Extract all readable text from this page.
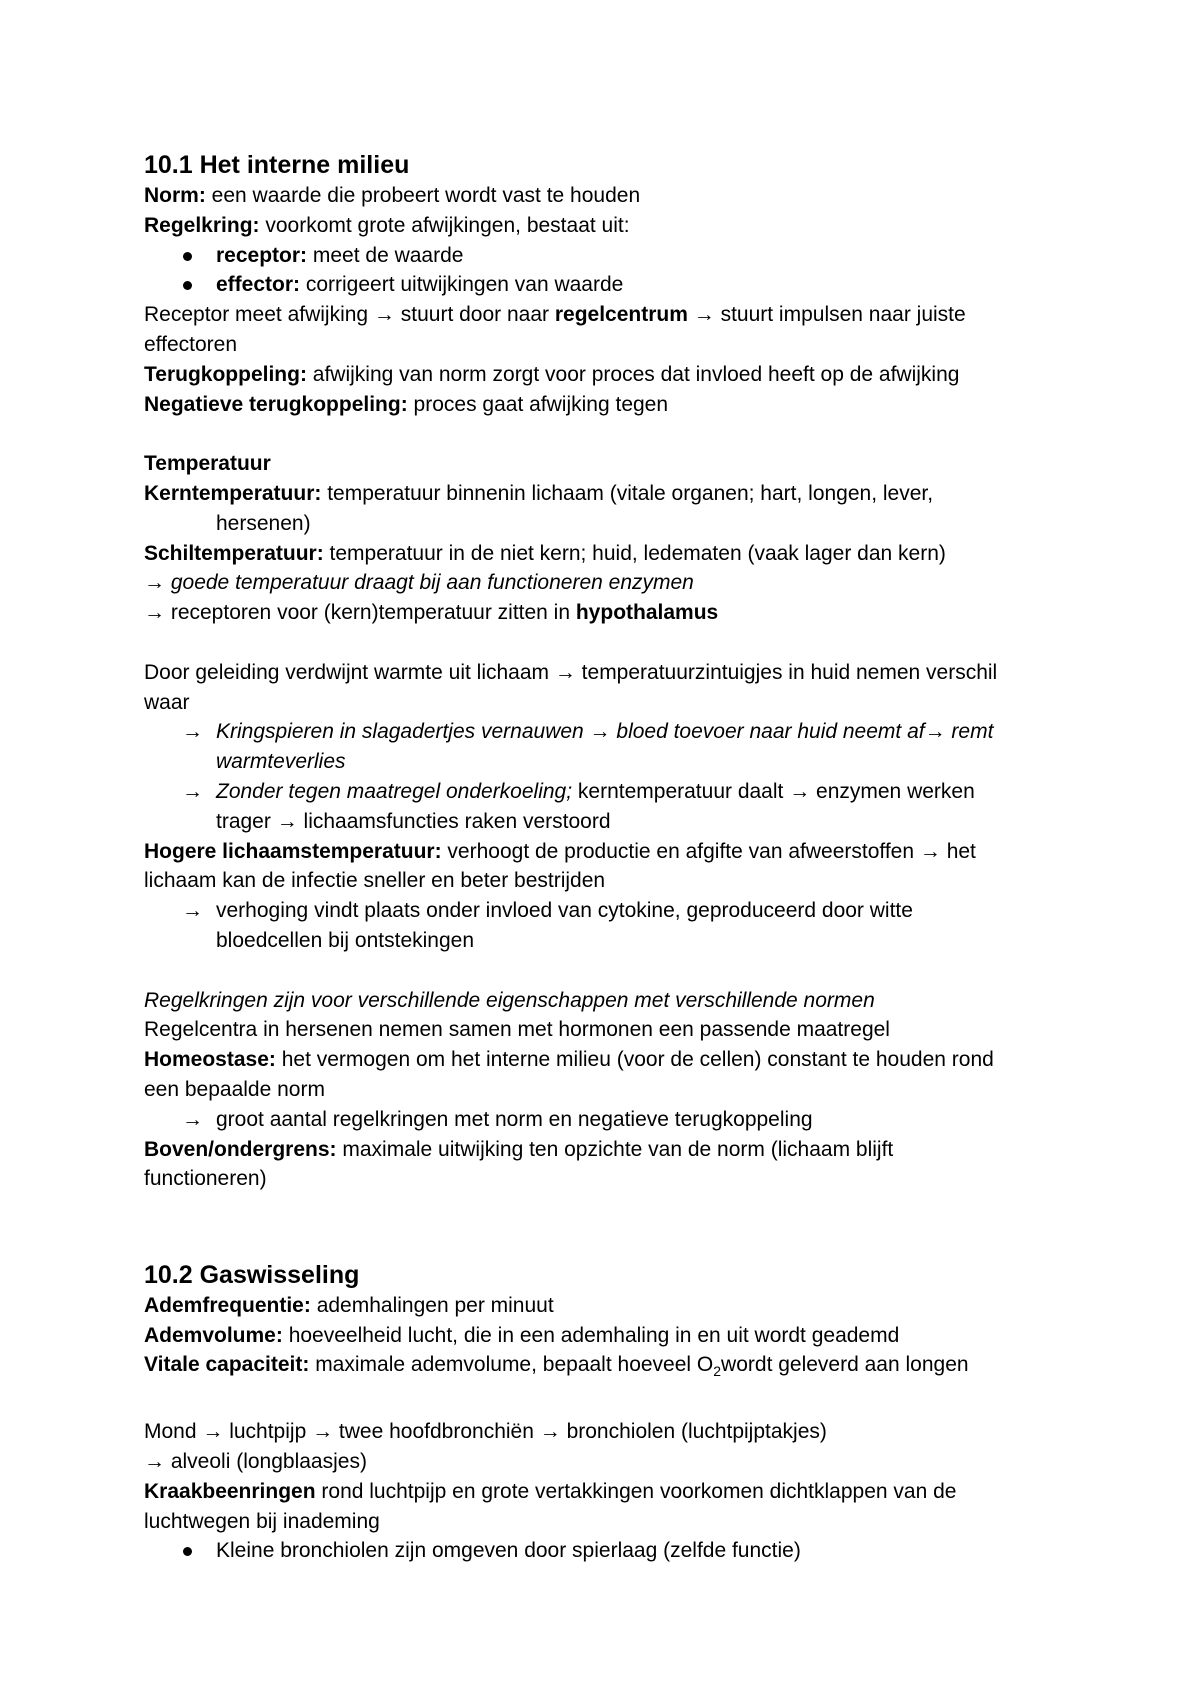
10.1 Het interne milieu
Norm: een waarde die probeert wordt vast te houden
Regelkring: voorkomt grote afwijkingen, bestaat uit:
receptor: meet de waarde
effector: corrigeert uitwijkingen van waarde
Receptor meet afwijking → stuurt door naar regelcentrum → stuurt impulsen naar juiste
effectoren
Terugkoppeling: afwijking van norm zorgt voor proces dat invloed heeft op de afwijking
Negatieve terugkoppeling: proces gaat afwijking tegen
Temperatuur
Kerntemperatuur: temperatuur binnenin lichaam (vitale organen; hart, longen, lever,
hersenen)
Schiltemperatuur: temperatuur in de niet kern; huid, ledematen (vaak lager dan kern)
→ goede temperatuur draagt bij aan functioneren enzymen
→ receptoren voor (kern)temperatuur zitten in hypothalamus
Door geleiding verdwijnt warmte uit lichaam → temperatuurzintuigjes in huid nemen verschil
waar
→ Kringspieren in slagadertjes vernauwen → bloed toevoer naar huid neemt af→ remt
warmteverlies
→ Zonder tegen maatregel onderkoeling; kerntemperatuur daalt → enzymen werken
trager → lichaamsfuncties raken verstoord
Hogere lichaamstemperatuur: verhoogt de productie en afgifte van afweerstoffen → het
lichaam kan de infectie sneller en beter bestrijden
→ verhoging vindt plaats onder invloed van cytokine, geproduceerd door witte
bloedcellen bij ontstekingen
Regelkringen zijn voor verschillende eigenschappen met verschillende normen
Regelcentra in hersenen nemen samen met hormonen een passende maatregel
Homeostase: het vermogen om het interne milieu (voor de cellen) constant te houden rond
een bepaalde norm
→ groot aantal regelkringen met norm en negatieve terugkoppeling
Boven/ondergrens: maximale uitwijking ten opzichte van de norm (lichaam blijft
functioneren)
10.2 Gaswisseling
Ademfrequentie: ademhalingen per minuut
Ademvolume: hoeveelheid lucht, die in een ademhaling in en uit wordt geademd
Vitale capaciteit: maximale ademvolume, bepaalt hoeveel $O_2wordt$ geleverd aan longen
Mond → luchtpijp → twee hoofdbronchiën → bronchiolen (luchtpijptakjes)
→ alveoli (longblaasjes)
Kraakbeenringen rond luchtpijp en grote vertakkingen voorkomen dichtklappen van de
luchtwegen bij inademing
Kleine bronchiolen zijn omgeven door spierlaag (zelfde functie)
